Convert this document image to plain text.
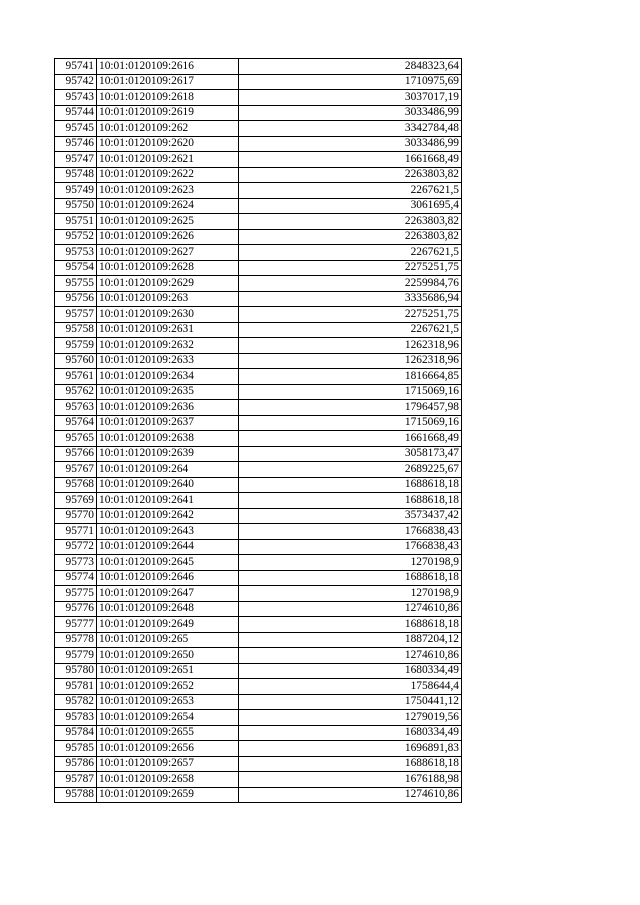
95741	10:01:0120109:2616	2848323,64
95742	10:01:0120109:2617	1710975,69
95743	10:01:0120109:2618	3037017,19
95744	10:01:0120109:2619	3033486,99
95745	10:01:0120109:262	3342784,48
95746	10:01:0120109:2620	3033486,99
95747	10:01:0120109:2621	1661668,49
95748	10:01:0120109:2622	2263803,82
95749	10:01:0120109:2623	2267621,5
95750	10:01:0120109:2624	3061695,4
95751	10:01:0120109:2625	2263803,82
95752	10:01:0120109:2626	2263803,82
95753	10:01:0120109:2627	2267621,5
95754	10:01:0120109:2628	2275251,75
95755	10:01:0120109:2629	2259984,76
95756	10:01:0120109:263	3335686,94
95757	10:01:0120109:2630	2275251,75
95758	10:01:0120109:2631	2267621,5
95759	10:01:0120109:2632	1262318,96
95760	10:01:0120109:2633	1262318,96
95761	10:01:0120109:2634	1816664,85
95762	10:01:0120109:2635	1715069,16
95763	10:01:0120109:2636	1796457,98
95764	10:01:0120109:2637	1715069,16
95765	10:01:0120109:2638	1661668,49
95766	10:01:0120109:2639	3058173,47
95767	10:01:0120109:264	2689225,67
95768	10:01:0120109:2640	1688618,18
95769	10:01:0120109:2641	1688618,18
95770	10:01:0120109:2642	3573437,42
95771	10:01:0120109:2643	1766838,43
95772	10:01:0120109:2644	1766838,43
95773	10:01:0120109:2645	1270198,9
95774	10:01:0120109:2646	1688618,18
95775	10:01:0120109:2647	1270198,9
95776	10:01:0120109:2648	1274610,86
95777	10:01:0120109:2649	1688618,18
95778	10:01:0120109:265	1887204,12
95779	10:01:0120109:2650	1274610,86
95780	10:01:0120109:2651	1680334,49
95781	10:01:0120109:2652	1758644,4
95782	10:01:0120109:2653	1750441,12
95783	10:01:0120109:2654	1279019,56
95784	10:01:0120109:2655	1680334,49
95785	10:01:0120109:2656	1696891,83
95786	10:01:0120109:2657	1688618,18
95787	10:01:0120109:2658	1676188,98
95788	10:01:0120109:2659	1274610,86
